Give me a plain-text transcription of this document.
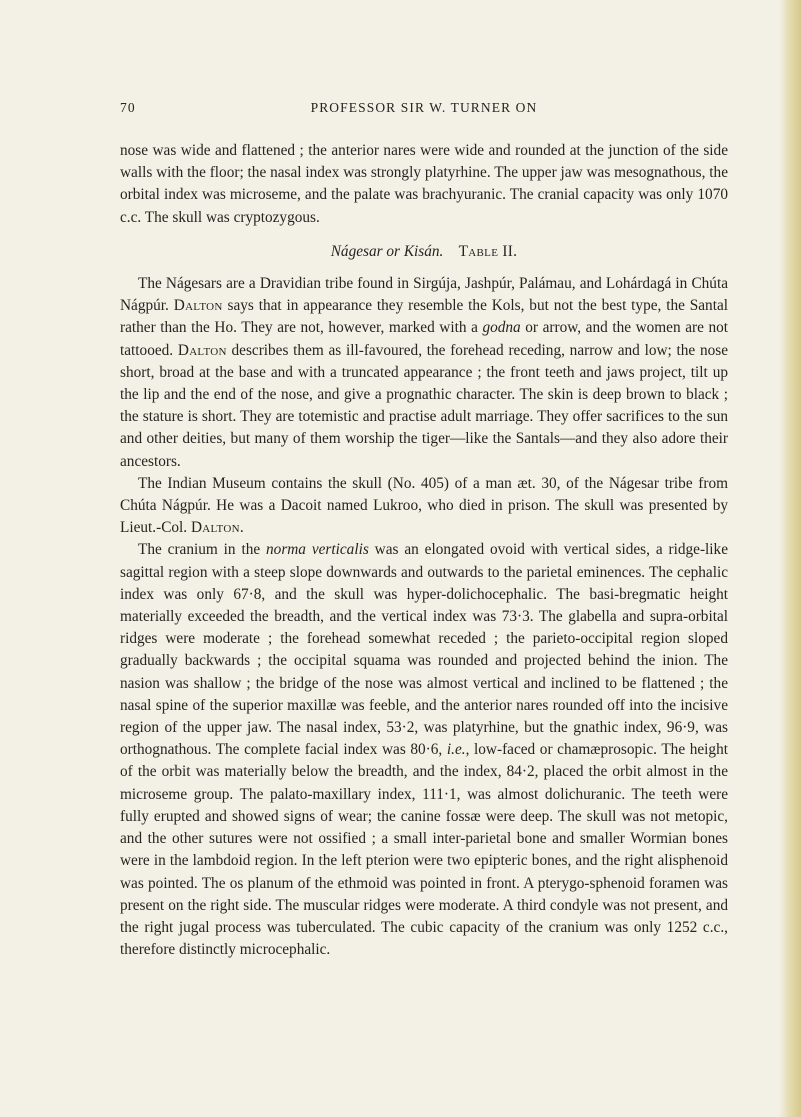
70	PROFESSOR SIR W. TURNER ON

nose was wide and flattened ; the anterior nares were wide and rounded at the junction of the side walls with the floor; the nasal index was strongly platyrhine. The upper jaw was mesognathous, the orbital index was microseme, and the palate was brachyuranic. The cranial capacity was only 1070 c.c. The skull was cryptozygous.

Nágesar or Kisán. Table II.

The Nágesars are a Dravidian tribe found in Sirgúja, Jashpúr, Palámau, and Lohárdagá in Chúta Nágpúr. Dalton says that in appearance they resemble the Kols, but not the best type, the Santal rather than the Ho. They are not, however, marked with a godna or arrow, and the women are not tattooed. Dalton describes them as ill-favoured, the forehead receding, narrow and low; the nose short, broad at the base and with a truncated appearance ; the front teeth and jaws project, tilt up the lip and the end of the nose, and give a prognathic character. The skin is deep brown to black ; the stature is short. They are totemistic and practise adult marriage. They offer sacrifices to the sun and other deities, but many of them worship the tiger—like the Santals—and they also adore their ancestors.

The Indian Museum contains the skull (No. 405) of a man æt. 30, of the Nágesar tribe from Chúta Nágpúr. He was a Dacoit named Lukroo, who died in prison. The skull was presented by Lieut.-Col. Dalton.

The cranium in the norma verticalis was an elongated ovoid with vertical sides, a ridge-like sagittal region with a steep slope downwards and outwards to the parietal eminences. The cephalic index was only 67·8, and the skull was hyper-dolichocephalic. The basi-bregmatic height materially exceeded the breadth, and the vertical index was 73·3. The glabella and supra-orbital ridges were moderate ; the forehead somewhat receded ; the parieto-occipital region sloped gradually backwards ; the occipital squama was rounded and projected behind the inion. The nasion was shallow ; the bridge of the nose was almost vertical and inclined to be flattened ; the nasal spine of the superior maxillæ was feeble, and the anterior nares rounded off into the incisive region of the upper jaw. The nasal index, 53·2, was platyrhine, but the gnathic index, 96·9, was orthognathous. The complete facial index was 80·6, i.e., low-faced or chamæprosopic. The height of the orbit was materially below the breadth, and the index, 84·2, placed the orbit almost in the microseme group. The palato-maxillary index, 111·1, was almost dolichuranic. The teeth were fully erupted and showed signs of wear; the canine fossæ were deep. The skull was not metopic, and the other sutures were not ossified ; a small inter-parietal bone and smaller Wormian bones were in the lambdoid region. In the left pterion were two epipteric bones, and the right alisphenoid was pointed. The os planum of the ethmoid was pointed in front. A pterygo-sphenoid foramen was present on the right side. The muscular ridges were moderate. A third condyle was not present, and the right jugal process was tuberculated. The cubic capacity of the cranium was only 1252 c.c., therefore distinctly microcephalic.
